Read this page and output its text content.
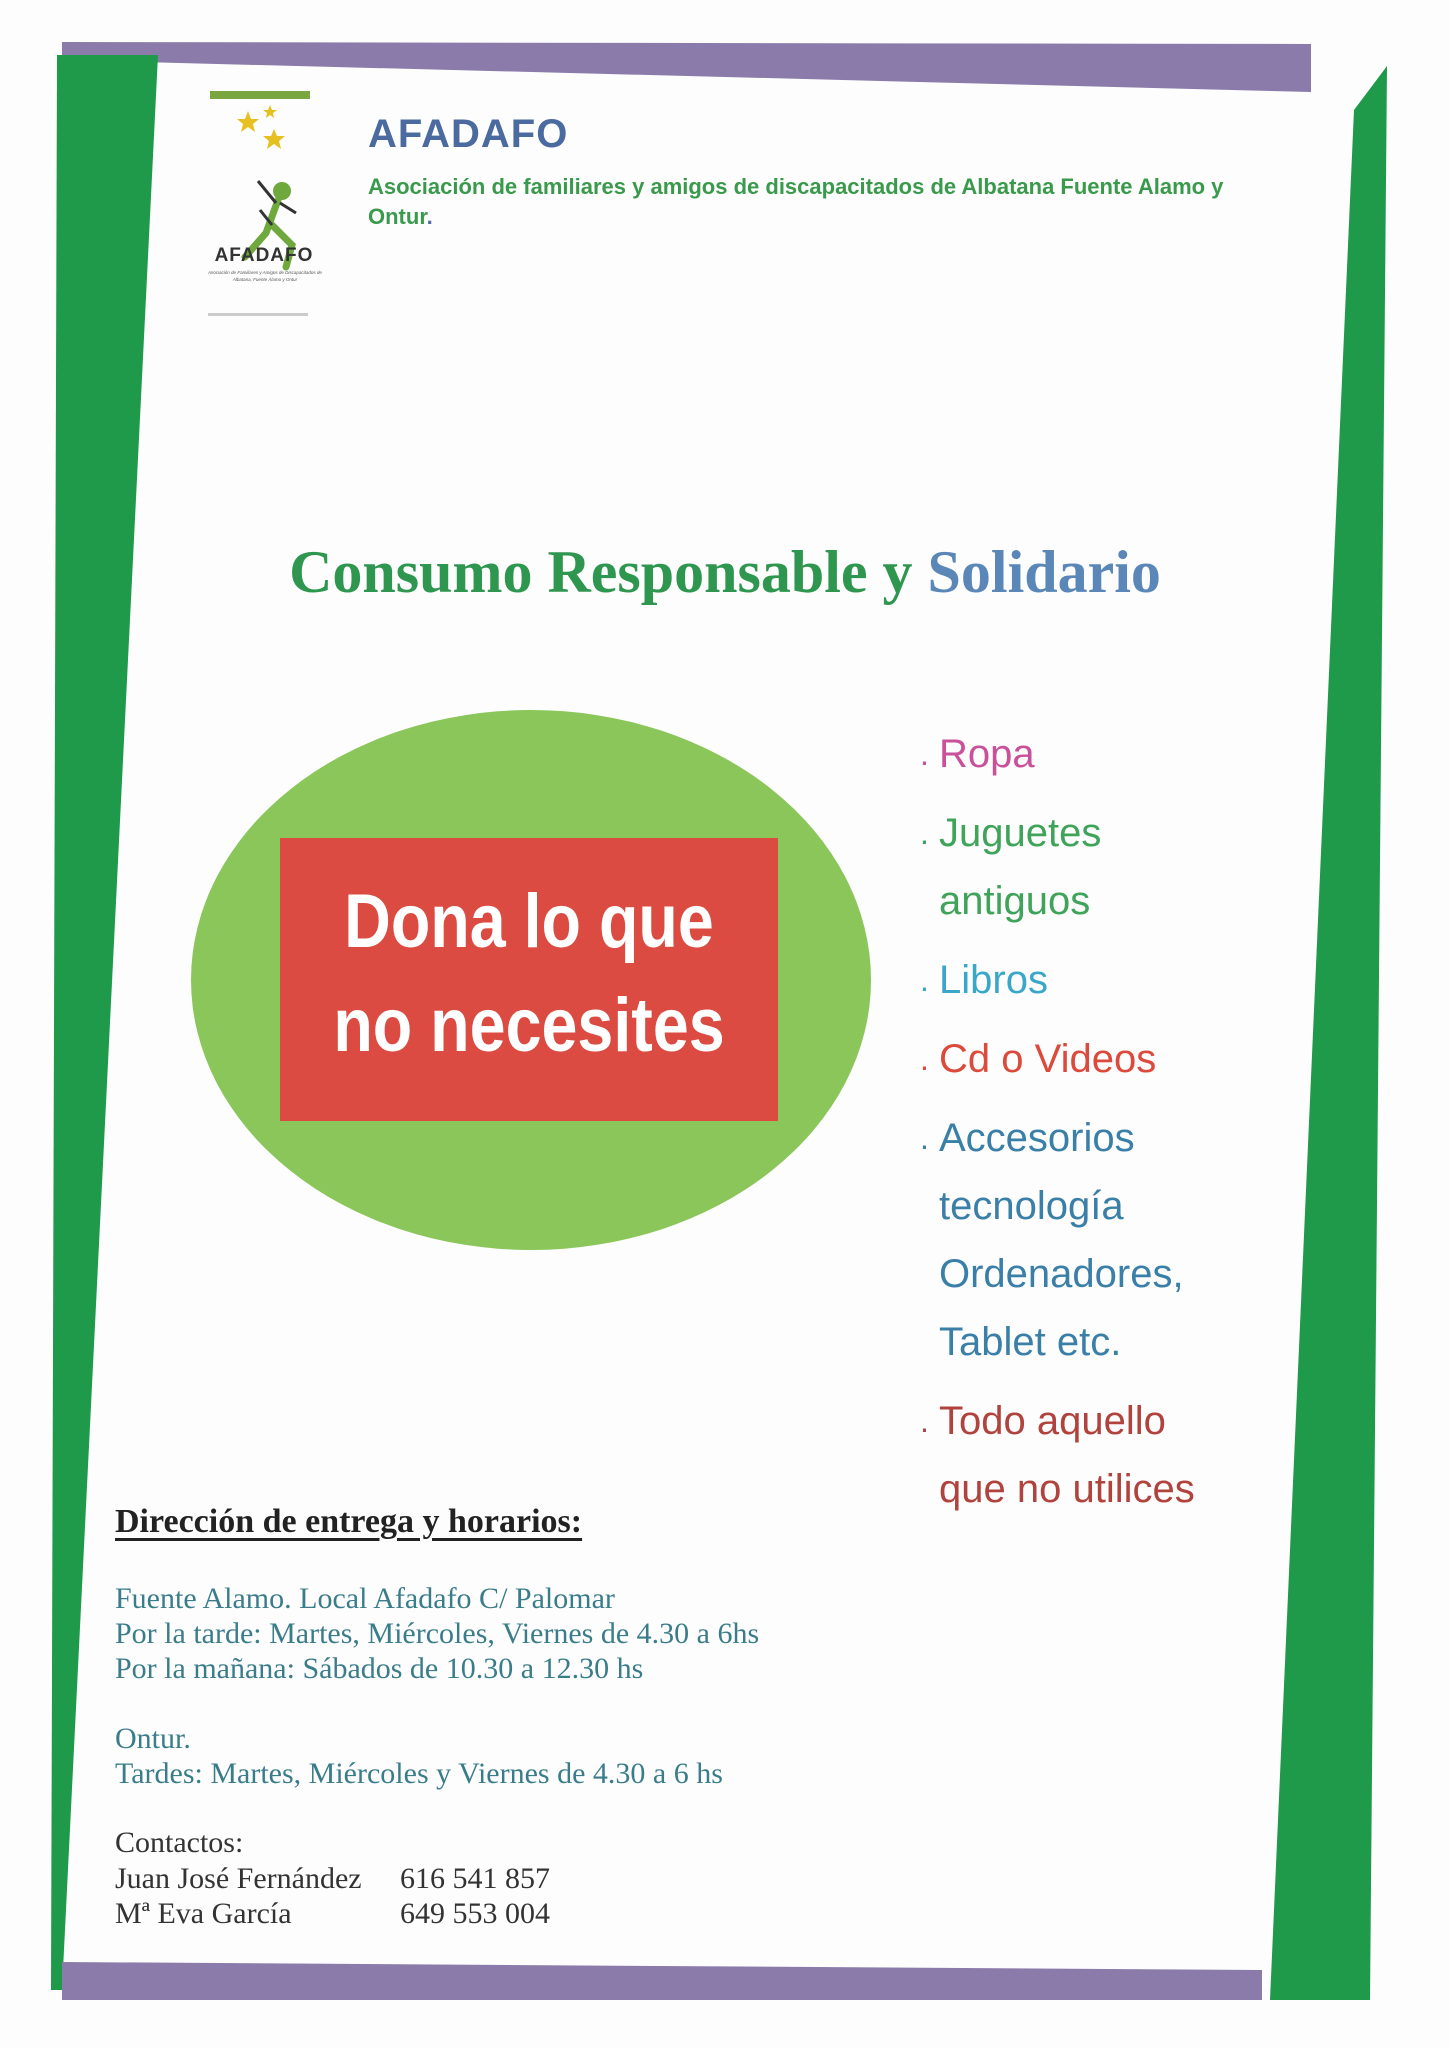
AFADAFO
Asociación de Familiares y Amigos de Discapacitados de Albatana, Fuente Álamo y Ontur
AFADAFO
Asociación de familiares y amigos de discapacitados de Albatana Fuente Alamo y Ontur.
Consumo Responsable y Solidario
Dona lo que
no necesites
. Ropa
. Juguetes
antiguos
. Libros
. Cd o Videos
. Accesorios
tecnología
Ordenadores,
Tablet etc.
. Todo aquello
que no utilices
Dirección de entrega y horarios:
Fuente Alamo. Local Afadafo C/ Palomar
Por la tarde: Martes, Miércoles, Viernes de 4.30 a 6hs
Por la mañana: Sábados de 10.30 a 12.30 hs
Ontur.
Tardes: Martes, Miércoles y Viernes de 4.30 a 6 hs
Contactos:
Juan José Fernández 616 541 857
Mª Eva García	649 553 004
